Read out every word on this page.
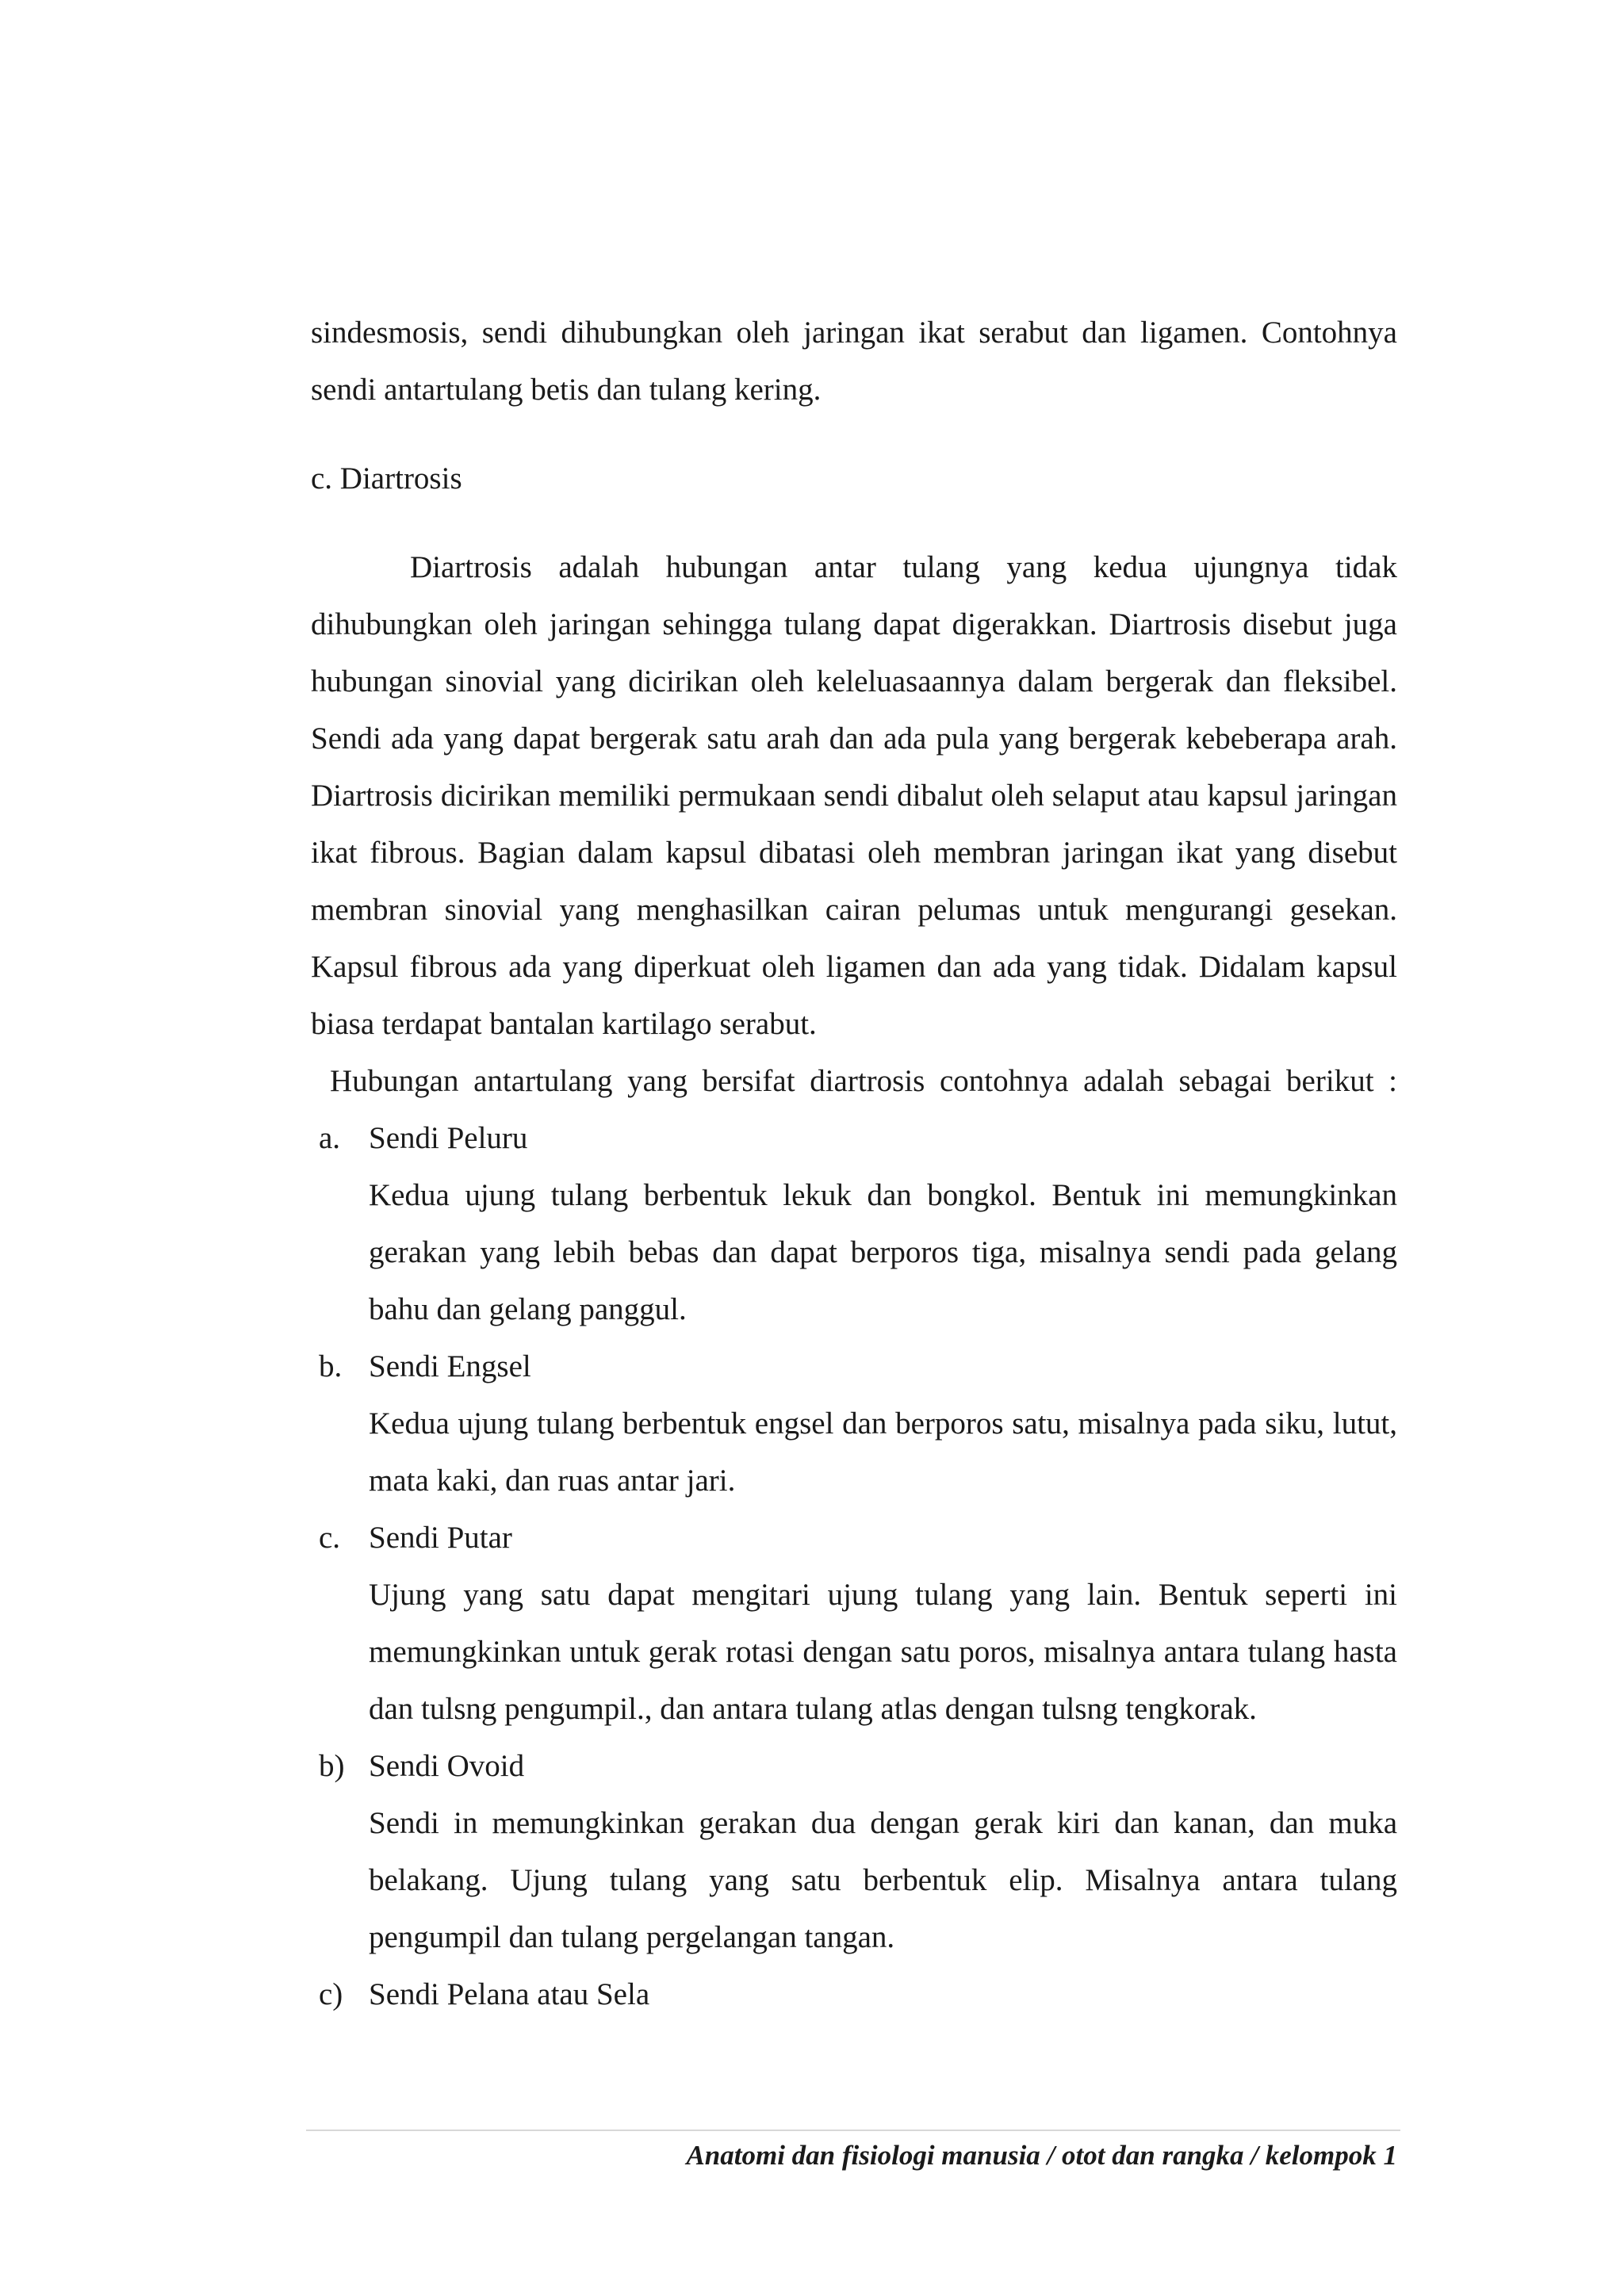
sindesmosis, sendi dihubungkan oleh jaringan ikat serabut dan ligamen. Contohnya sendi antartulang betis dan tulang kering.

c. Diartrosis

Diartrosis adalah hubungan antar tulang yang kedua ujungnya tidak dihubungkan oleh jaringan sehingga tulang dapat digerakkan. Diartrosis disebut juga hubungan sinovial yang dicirikan oleh keleluasaannya dalam bergerak dan fleksibel. Sendi ada yang dapat bergerak satu arah dan ada pula yang bergerak kebeberapa arah. Diartrosis dicirikan memiliki permukaan sendi dibalut oleh selaput atau kapsul jaringan ikat fibrous. Bagian dalam kapsul dibatasi oleh membran jaringan ikat yang disebut membran sinovial yang menghasilkan cairan pelumas untuk mengurangi gesekan. Kapsul fibrous ada yang diperkuat oleh ligamen dan ada yang tidak. Didalam kapsul biasa terdapat bantalan kartilago serabut.

Hubungan antartulang yang bersifat diartrosis contohnya adalah sebagai berikut :

a. Sendi Peluru
Kedua ujung tulang berbentuk lekuk dan bongkol. Bentuk ini memungkinkan gerakan yang lebih bebas dan dapat berporos tiga, misalnya sendi pada gelang bahu dan gelang panggul.
b. Sendi Engsel
Kedua ujung tulang berbentuk engsel dan berporos satu, misalnya pada siku, lutut, mata kaki, dan ruas antar jari.
c. Sendi Putar
Ujung yang satu dapat mengitari ujung tulang yang lain. Bentuk seperti ini memungkinkan untuk gerak rotasi dengan satu poros, misalnya antara tulang hasta dan tulsng pengumpil., dan antara tulang atlas dengan tulsng tengkorak.
b) Sendi Ovoid
Sendi in memungkinkan gerakan dua dengan gerak kiri dan kanan, dan muka belakang. Ujung tulang yang satu berbentuk elip. Misalnya antara tulang pengumpil dan tulang pergelangan tangan.
c) Sendi Pelana atau Sela
Anatomi dan fisiologi manusia / otot dan rangka / kelompok 1
